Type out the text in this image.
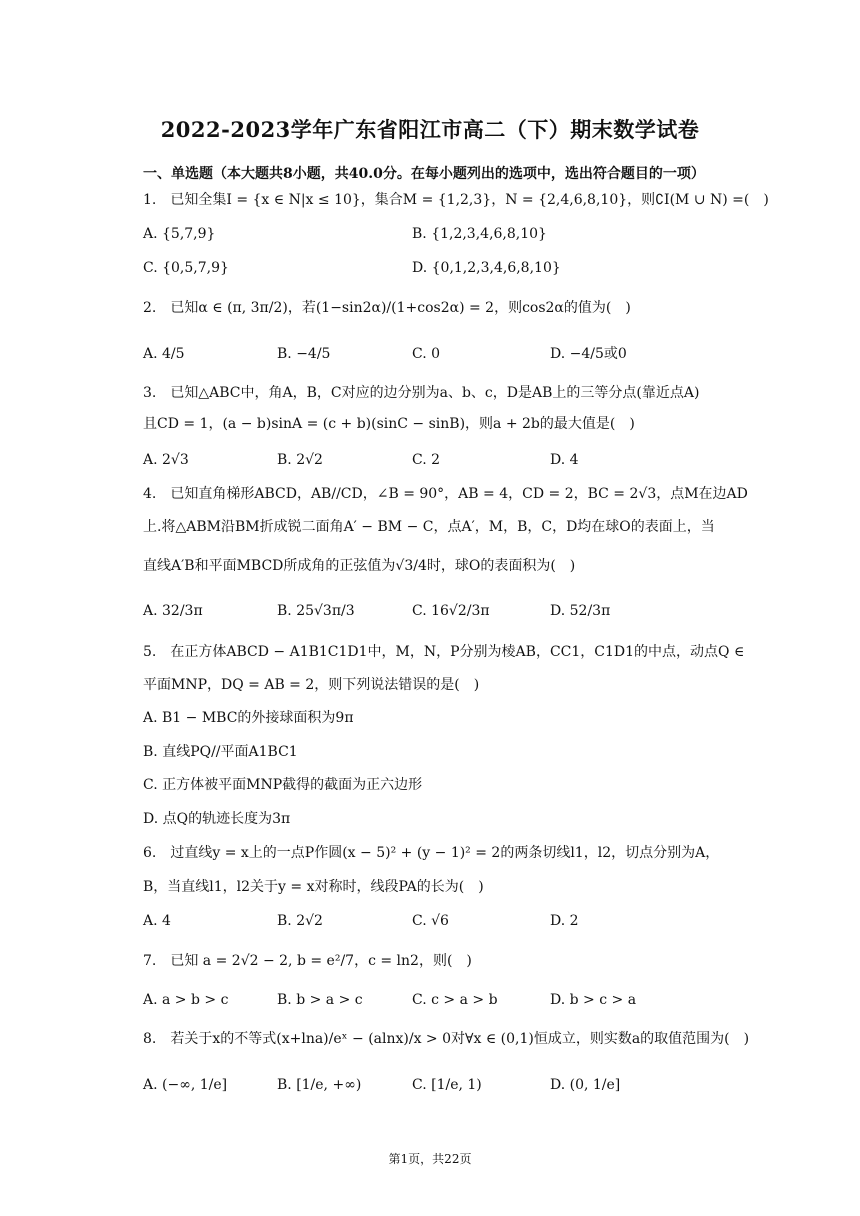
2022-2023学年广东省阳江市高二（下）期末数学试卷
一、单选题（本大题共8小题，共40.0分。在每小题列出的选项中，选出符合题目的一项）
1.　已知全集I = {x ∈ N|x ≤ 10}，集合M = {1,2,3}，N = {2,4,6,8,10}，则∁I(M ∪ N) =(　)
A. {5,7,9}	B. {1,2,3,4,6,8,10}
C. {0,5,7,9}	D. {0,1,2,3,4,6,8,10}
2.　已知α ∈ (π, 3π/2)，若(1−sin2α)/(1+cos2α) = 2，则cos2α的值为(　)
A. 4/5	B. −4/5	C. 0	D. −4/5或0
3.　已知△ABC中，角A，B，C对应的边分别为a、b、c，D是AB上的三等分点(靠近点A)
且CD = 1，(a − b)sinA = (c + b)(sinC − sinB)，则a + 2b的最大值是(　)
A. 2√3	B. 2√2	C. 2	D. 4
4.　已知直角梯形ABCD，AB//CD，∠B = 90°，AB = 4，CD = 2，BC = 2√3，点M在边AD
上.将△ABM沿BM折成锐二面角A′ − BM − C，点A′，M，B，C，D均在球O的表面上，当
直线A′B和平面MBCD所成角的正弦值为√3/4时，球O的表面积为(　)
A. 32/3π	B. 25√3π/3	C. 16√2/3π	D. 52/3π
5.　在正方体ABCD − A1B1C1D1中，M，N，P分别为棱AB，CC1，C1D1的中点，动点Q ∈
平面MNP，DQ = AB = 2，则下列说法错误的是(　)
A. B1 − MBC的外接球面积为9π
B. 直线PQ//平面A1BC1
C. 正方体被平面MNP截得的截面为正六边形
D. 点Q的轨迹长度为3π
6.　过直线y = x上的一点P作圆(x − 5)² + (y − 1)² = 2的两条切线l1，l2，切点分别为A，
B，当直线l1，l2关于y = x对称时，线段PA的长为(　)
A. 4	B. 2√2	C. √6	D. 2
7.　已知 a = 2√2 − 2, b = e²/7，c = ln2，则(　)
A. a > b > c	B. b > a > c	C. c > a > b	D. b > c > a
8.　若关于x的不等式(x+lna)/eˣ − (alnx)/x > 0对∀x ∈ (0,1)恒成立，则实数a的取值范围为(　)
A. (−∞, 1/e]	B. [1/e, +∞)	C. [1/e, 1)	D. (0, 1/e]
第1页，共22页
